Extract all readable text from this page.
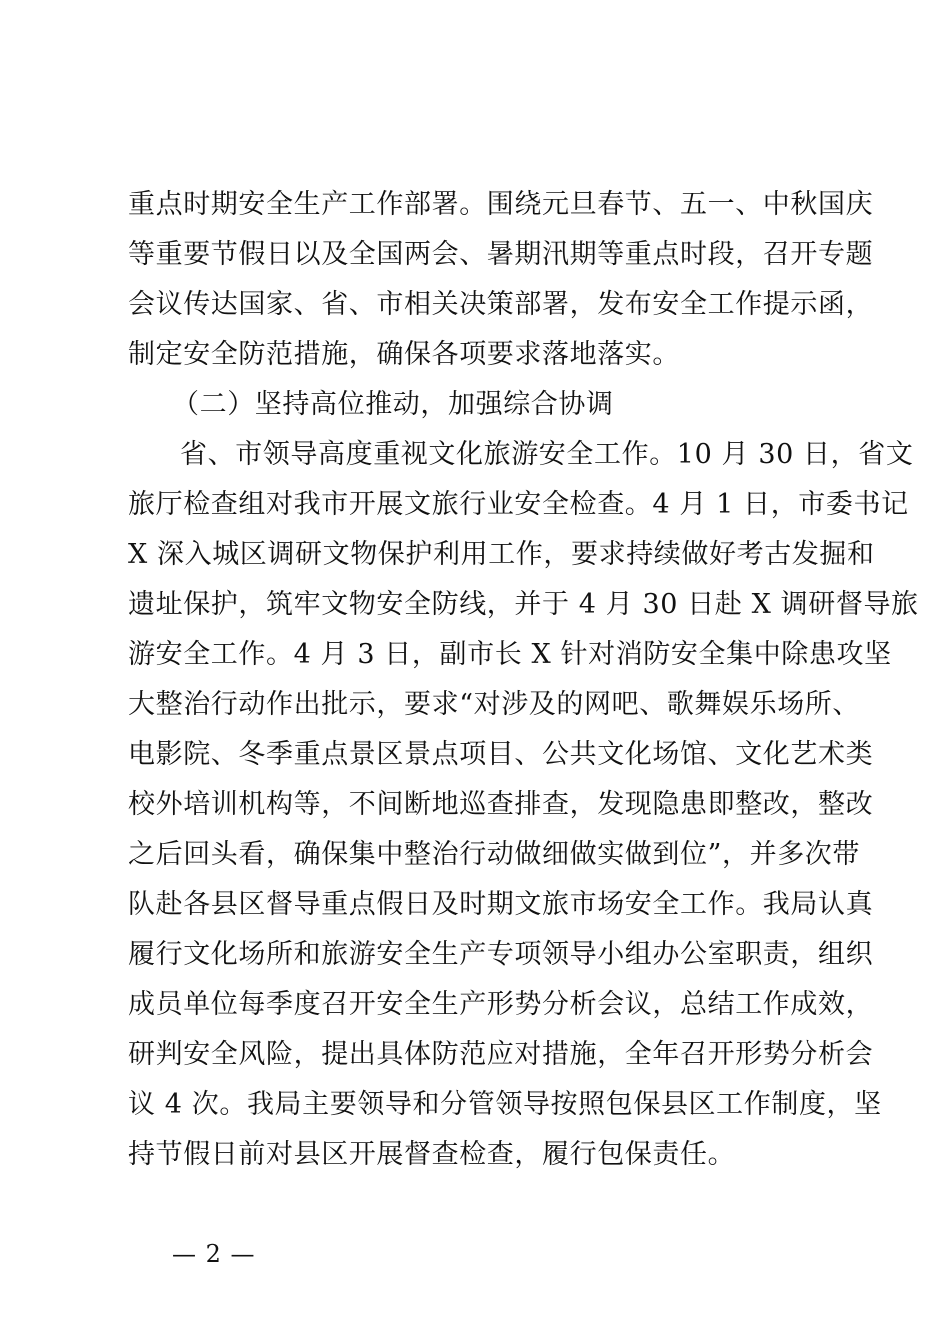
重点时期安全生产工作部署。围绕元旦春节、五一、中秋国庆
等重要节假日以及全国两会、暑期汛期等重点时段，召开专题
会议传达国家、省、市相关决策部署，发布安全工作提示函，
制定安全防范措施，确保各项要求落地落实。
（二）坚持高位推动，加强综合协调
省、市领导高度重视文化旅游安全工作。10 月 30 日，省文
旅厅检查组对我市开展文旅行业安全检查。4 月 1 日，市委书记
X 深入城区调研文物保护利用工作，要求持续做好考古发掘和
遗址保护，筑牢文物安全防线，并于 4 月 30 日赴 X 调研督导旅
游安全工作。4 月 3 日，副市长 X 针对消防安全集中除患攻坚
大整治行动作出批示，要求“对涉及的网吧、歌舞娱乐场所、
电影院、冬季重点景区景点项目、公共文化场馆、文化艺术类
校外培训机构等，不间断地巡查排查，发现隐患即整改，整改
之后回头看，确保集中整治行动做细做实做到位”，并多次带
队赴各县区督导重点假日及时期文旅市场安全工作。我局认真
履行文化场所和旅游安全生产专项领导小组办公室职责，组织
成员单位每季度召开安全生产形势分析会议，总结工作成效，
研判安全风险，提出具体防范应对措施，全年召开形势分析会
议 4 次。我局主要领导和分管领导按照包保县区工作制度，坚
持节假日前对县区开展督查检查，履行包保责任。
— 2 —
